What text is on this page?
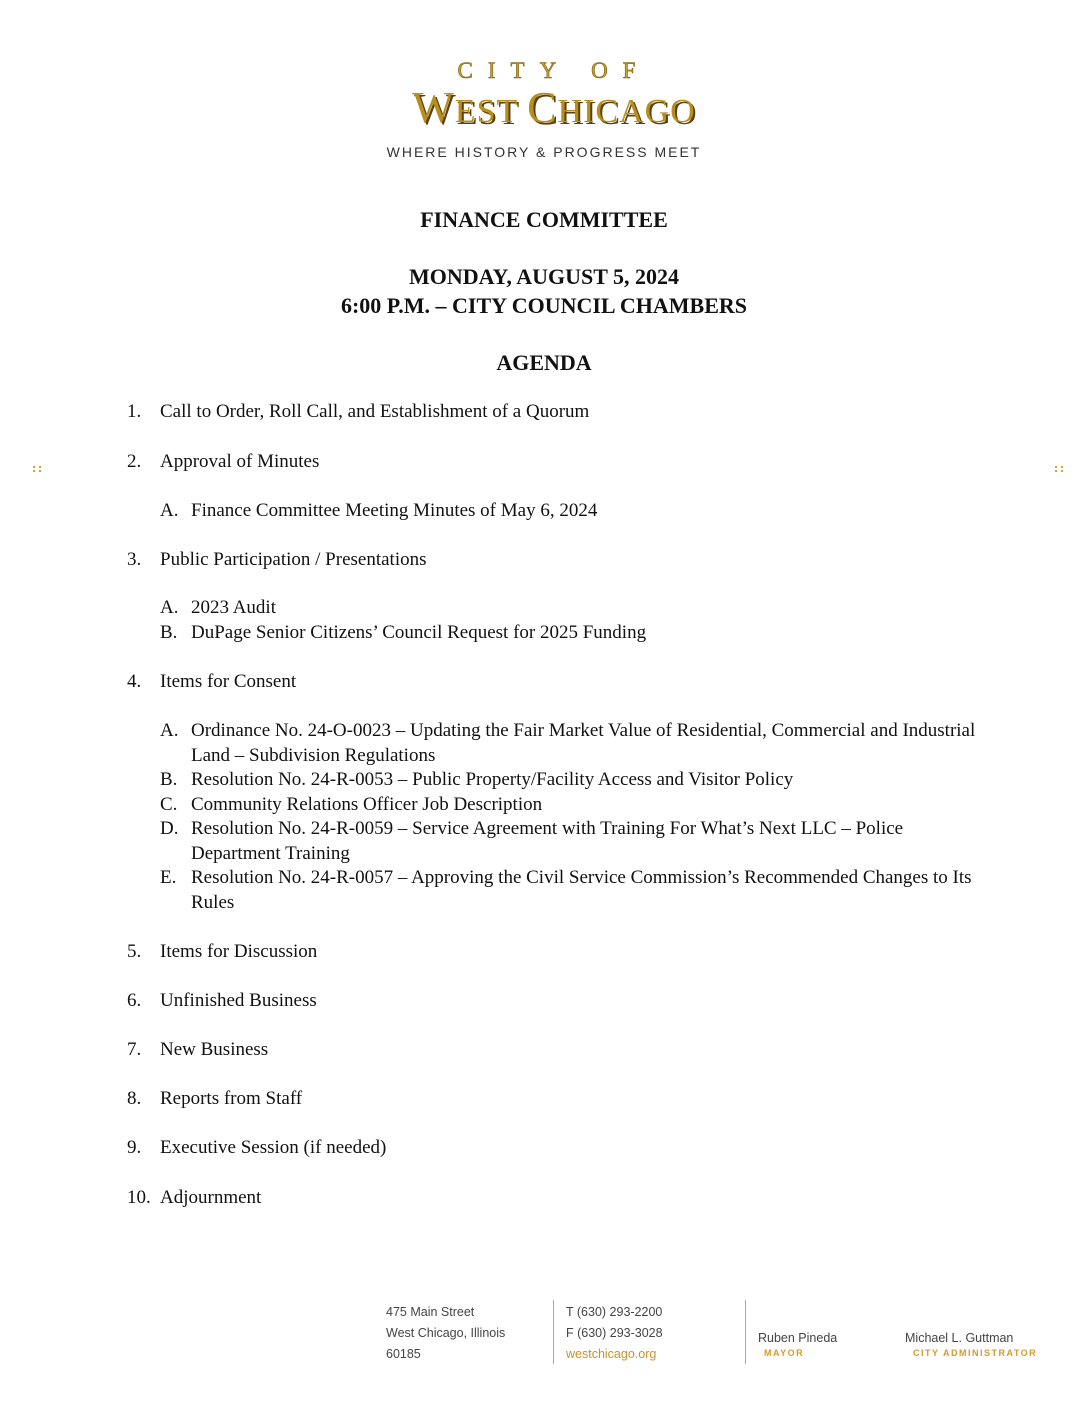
CITY OF
WEST CHICAGO
WHERE HISTORY & PROGRESS MEET
FINANCE COMMITTEE
MONDAY, AUGUST 5, 2024
6:00 P.M. – CITY COUNCIL CHAMBERS
AGENDA
1. Call to Order, Roll Call, and Establishment of a Quorum
2. Approval of Minutes
A. Finance Committee Meeting Minutes of May 6, 2024
3. Public Participation / Presentations
A. 2023 Audit
B. DuPage Senior Citizens’ Council Request for 2025 Funding
4. Items for Consent
A. Ordinance No. 24-O-0023 – Updating the Fair Market Value of Residential, Commercial and Industrial Land – Subdivision Regulations
B. Resolution No. 24-R-0053 – Public Property/Facility Access and Visitor Policy
C. Community Relations Officer Job Description
D. Resolution No. 24-R-0059 – Service Agreement with Training For What’s Next LLC – Police Department Training
E. Resolution No. 24-R-0057 – Approving the Civil Service Commission’s Recommended Changes to Its Rules
5. Items for Discussion
6. Unfinished Business
7. New Business
8. Reports from Staff
9. Executive Session (if needed)
10. Adjournment
475 Main Street
West Chicago, Illinois
60185
T (630) 293-2200
F (630) 293-3028
westchicago.org
Ruben Pineda
MAYOR
Michael L. Guttman
CITY ADMINISTRATOR
